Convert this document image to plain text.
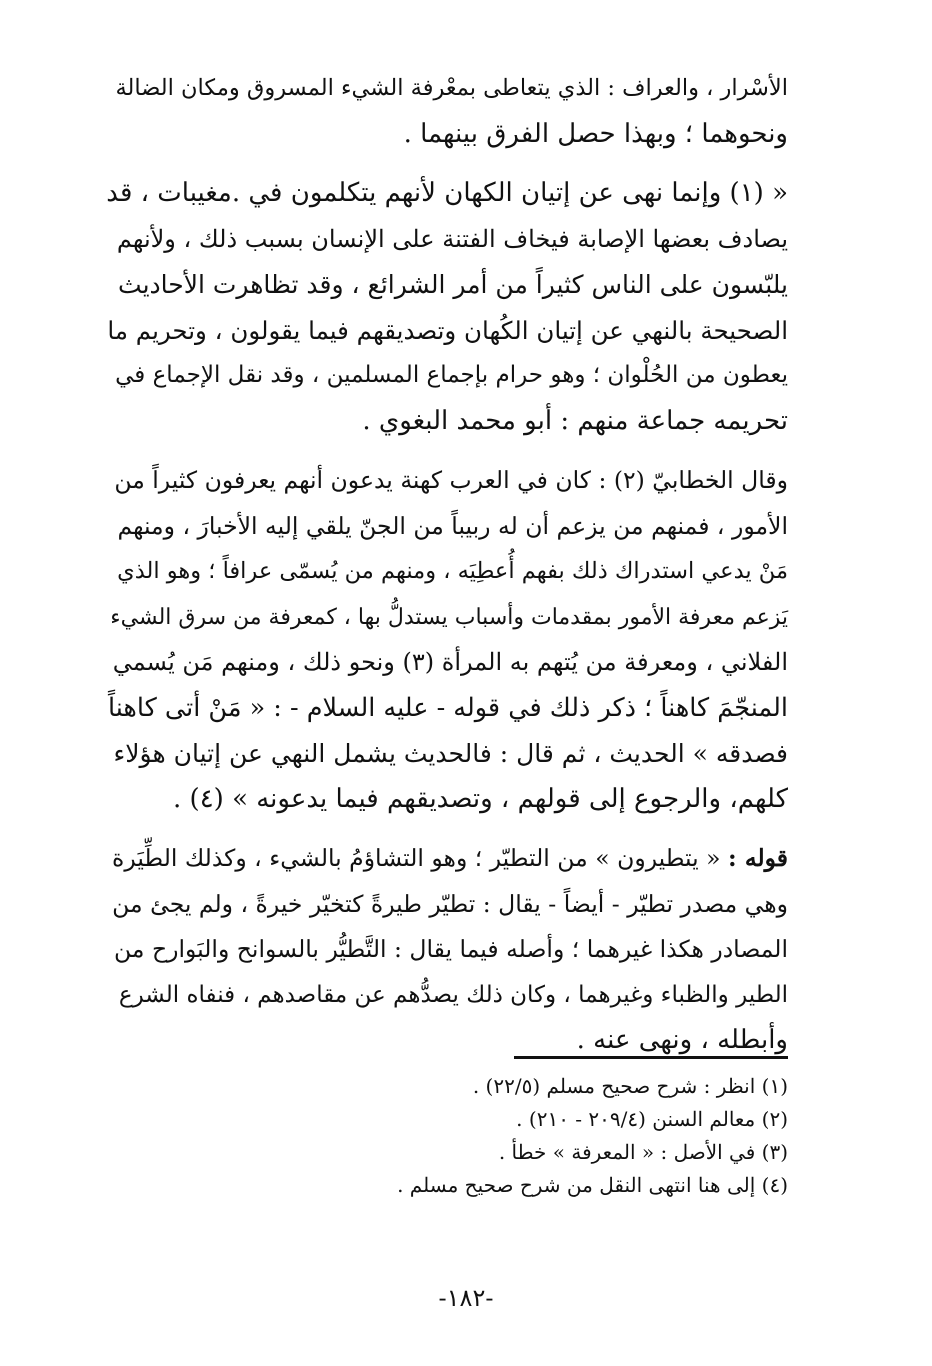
الأسْرار ، والعراف : الذي يتعاطى بمعْرفة الشيء المسروق ومكان الضالة
ونحوهما ؛ وبهذا حصل الفرق بينهما .
« (١) وإنما نهى عن إتيان الكهان لأنهم يتكلمون في .مغيبات ، قد
يصادف بعضها الإصابة فيخاف الفتنة على الإنسان بسبب ذلك ، ولأنهم
يلبّسون على الناس كثيراً من أمر الشرائع ، وقد تظاهرت الأحاديث
الصحيحة بالنهي عن إتيان الكُهان وتصديقهم فيما يقولون ، وتحريم ما
يعطون من الحُلْوان ؛ وهو حرام بإجماع المسلمين ، وقد نقل الإجماع في
تحريمه جماعة منهم : أبو محمد البغوي .
وقال الخطابيّ (٢) : كان في العرب كهنة يدعون أنهم يعرفون كثيراً من
الأمور ، فمنهم من يزعم أن له ربيباً من الجنّ يلقي إليه الأخبارَ ، ومنهم
مَنْ يدعي استدراك ذلك بفهم أُعطِيَه ، ومنهم من يُسمّى عرافاً ؛ وهو الذي
يَزعم معرفة الأمور بمقدمات وأسباب يستدلُّ بها ، كمعرفة من سرق الشيء
الفلاني ، ومعرفة من يُتهم به المرأة (٣) ونحو ذلك ، ومنهم مَن يُسمي
المنجّمَ كاهناً ؛ ذكر ذلك في قوله - عليه السلام - : « مَنْ أتى كاهناً
فصدقه » الحديث ، ثم قال : فالحديث يشمل النهي عن إتيان هؤلاء
كلهم، والرجوع إلى قولهم ، وتصديقهم فيما يدعونه » (٤) .
قوله : « يتطيرون » من التطيّر ؛ وهو التشاؤمُ بالشيء ، وكذلك الطِّيَرة
وهي مصدر تطيّر - أيضاً - يقال : تطيّر طيرةً كتخيّر خيرةً ، ولم يجئ من
المصادر هكذا غيرهما ؛ وأصله فيما يقال : التَّطيُّر بالسوانح والبَوارح من
الطير والظباء وغيرهما ، وكان ذلك يصدُّهم عن مقاصدهم ، فنفاه الشرع
وأبطله ، ونهى عنه .
(١) انظر : شرح صحيح مسلم (٢٢/٥) .
(٢) معالم السنن (٢٠٩/٤ - ٢١٠) .
(٣) في الأصل : « المعرفة » خطأ .
(٤) إلى هنا انتهى النقل من شرح صحيح مسلم .
-١٨٢-
